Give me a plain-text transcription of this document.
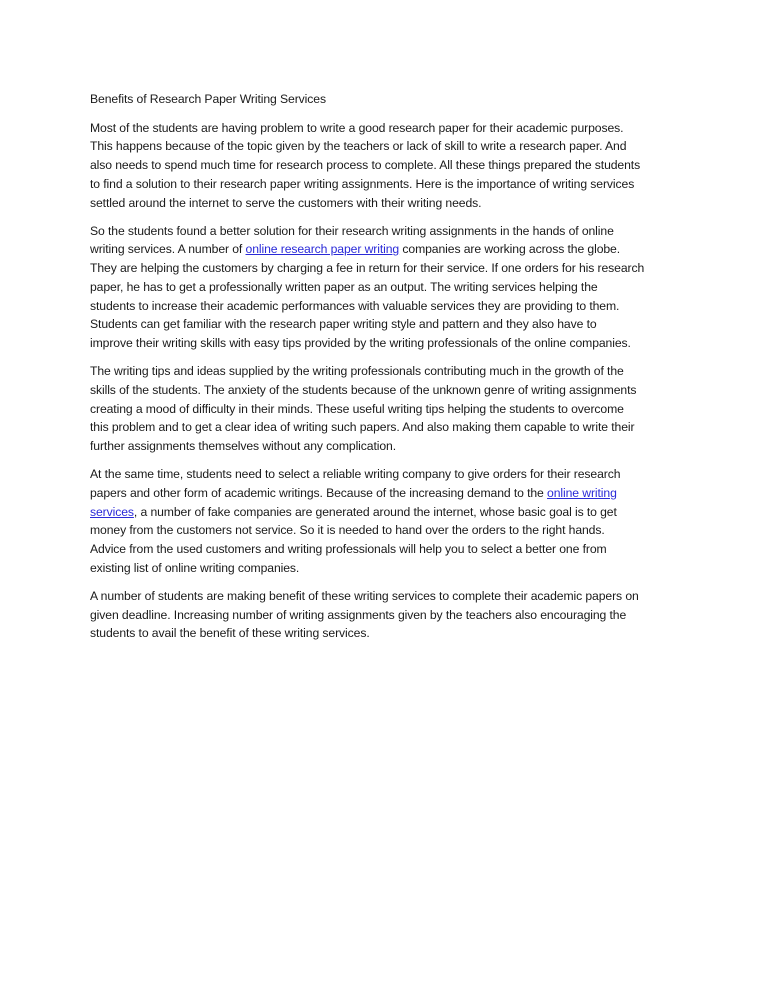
Benefits of Research Paper Writing Services

Most of the students are having problem to write a good research paper for their academic purposes.
This happens because of the topic given by the teachers or lack of skill to write a research paper. And
also needs to spend much time for research process to complete. All these things prepared the students
to find a solution to their research paper writing assignments. Here is the importance of writing services
settled around the internet to serve the customers with their writing needs.

So the students found a better solution for their research writing assignments in the hands of online
writing services. A number of online research paper writing companies are working across the globe.
They are helping the customers by charging a fee in return for their service. If one orders for his research
paper, he has to get a professionally written paper as an output. The writing services helping the
students to increase their academic performances with valuable services they are providing to them.
Students can get familiar with the research paper writing style and pattern and they also have to
improve their writing skills with easy tips provided by the writing professionals of the online companies.

The writing tips and ideas supplied by the writing professionals contributing much in the growth of the
skills of the students. The anxiety of the students because of the unknown genre of writing assignments
creating a mood of difficulty in their minds. These useful writing tips helping the students to overcome
this problem and to get a clear idea of writing such papers. And also making them capable to write their
further assignments themselves without any complication.

At the same time, students need to select a reliable writing company to give orders for their research
papers and other form of academic writings. Because of the increasing demand to the online writing
services, a number of fake companies are generated around the internet, whose basic goal is to get
money from the customers not service. So it is needed to hand over the orders to the right hands.
Advice from the used customers and writing professionals will help you to select a better one from
existing list of online writing companies.

A number of students are making benefit of these writing services to complete their academic papers on
given deadline. Increasing number of writing assignments given by the teachers also encouraging the
students to avail the benefit of these writing services.
